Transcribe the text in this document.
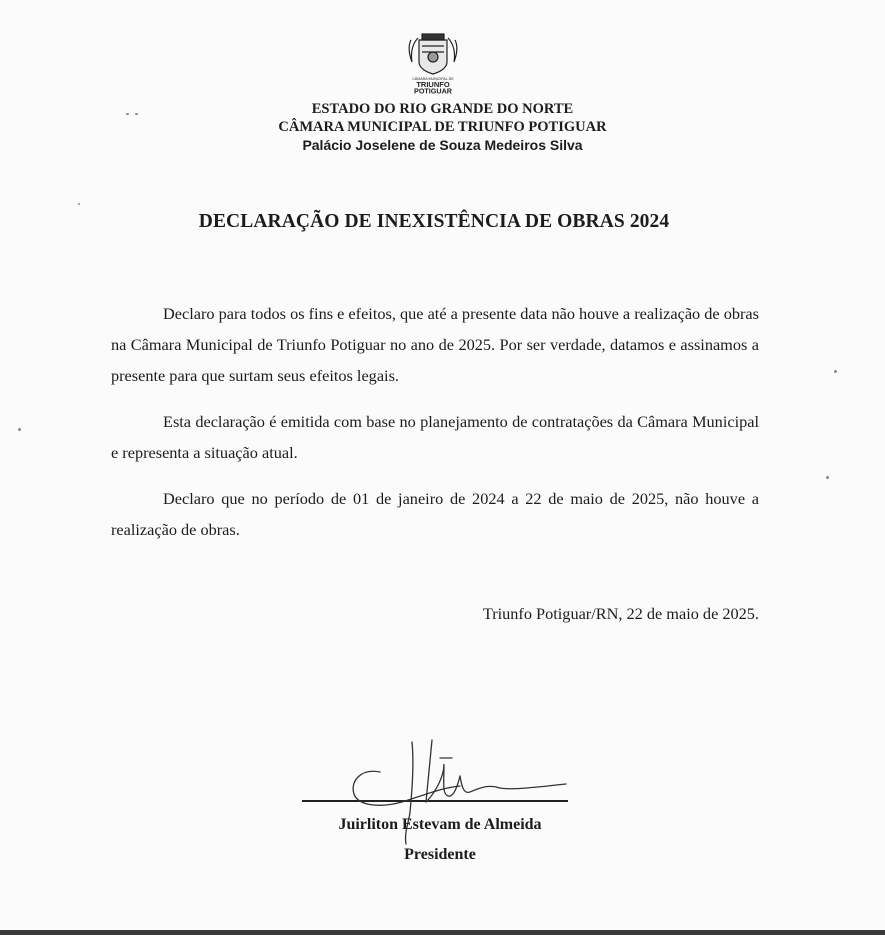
CÂMARA MUNICIPAL DE
TRIUNFO
POTIGUAR
ESTADO DO RIO GRANDE DO NORTE
CÂMARA MUNICIPAL DE TRIUNFO POTIGUAR
Palácio Joselene de Souza Medeiros Silva
DECLARAÇÃO DE INEXISTÊNCIA DE OBRAS 2024

Declaro para todos os fins e efeitos, que até a presente data não houve a realização de obras na Câmara Municipal de Triunfo Potiguar no ano de 2025. Por ser verdade, datamos e assinamos a presente para que surtam seus efeitos legais.

Esta declaração é emitida com base no planejamento de contratações da Câmara Municipal e representa a situação atual.

Declaro que no período de 01 de janeiro de 2024 a 22 de maio de 2025, não houve a realização de obras.

Triunfo Potiguar/RN, 22 de maio de 2025.
Juirliton Estevam de Almeida
Presidente
